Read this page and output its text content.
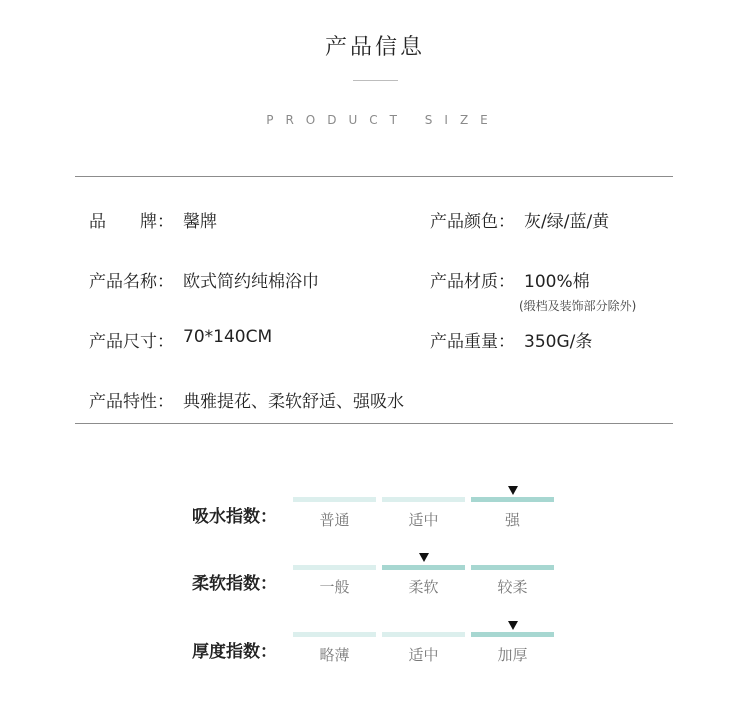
产品信息
PRODUCT SIZE
品　　牌： 馨牌	产品颜色： 灰/绿/蓝/黄
产品名称： 欧式简约纯棉浴巾	产品材质： 100%棉
(缎档及装饰部分除外)
产品尺寸： 70*140CM	产品重量： 350G/条
产品特性： 典雅提花、柔软舒适、强吸水
吸水指数：	普通	适中	强
柔软指数：	一般	柔软	较柔
厚度指数：	略薄	适中	加厚
